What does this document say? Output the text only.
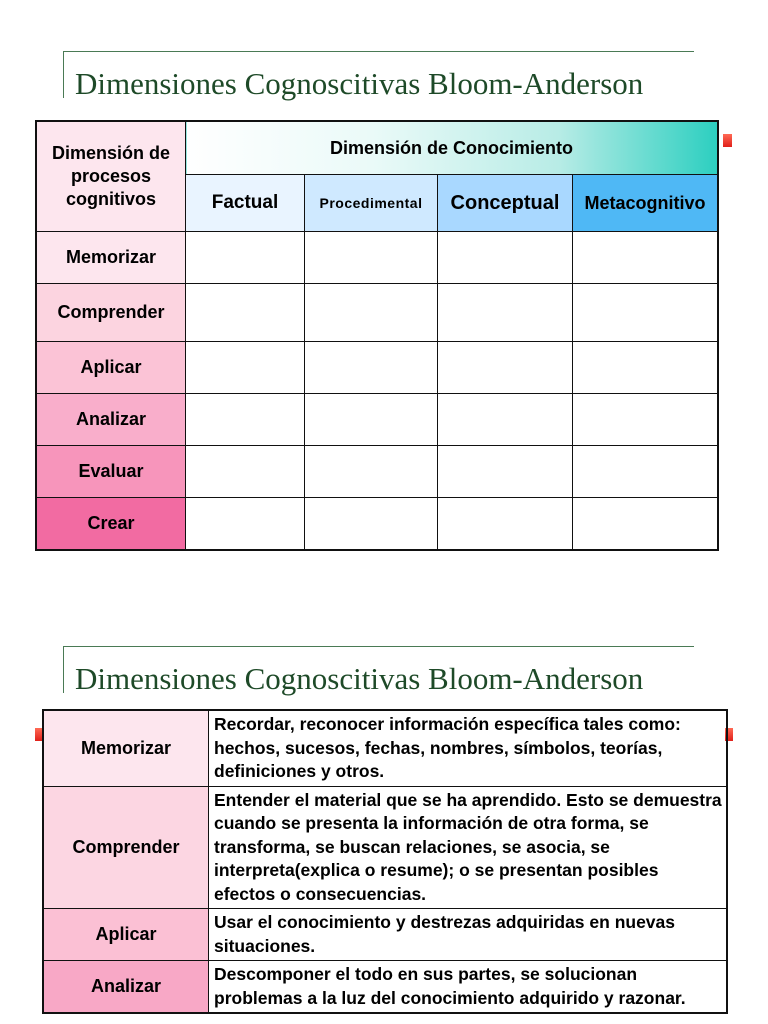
Dimensiones Cognoscitivas Bloom-Anderson
Dimensión de procesos cognitivos	Dimensión de Conocimiento			
	Factual	Procedimental	Conceptual	Metacognitivo
Memorizar				
Comprender				
Aplicar				
Analizar				
Evaluar				
Crear				
Dimensiones Cognoscitivas Bloom-Anderson
Memorizar	Recordar, reconocer información específica tales como: hechos, sucesos, fechas, nombres, símbolos, teorías, definiciones y otros.
Comprender	Entender el material que se ha aprendido. Esto se demuestra cuando se presenta la información de otra forma, se transforma, se buscan relaciones, se asocia, se interpreta(explica o resume); o se presentan posibles efectos o consecuencias.
Aplicar	Usar el conocimiento y destrezas adquiridas en nuevas situaciones.
Analizar	Descomponer el todo en sus partes, se solucionan problemas a la luz del conocimiento adquirido y razonar.
